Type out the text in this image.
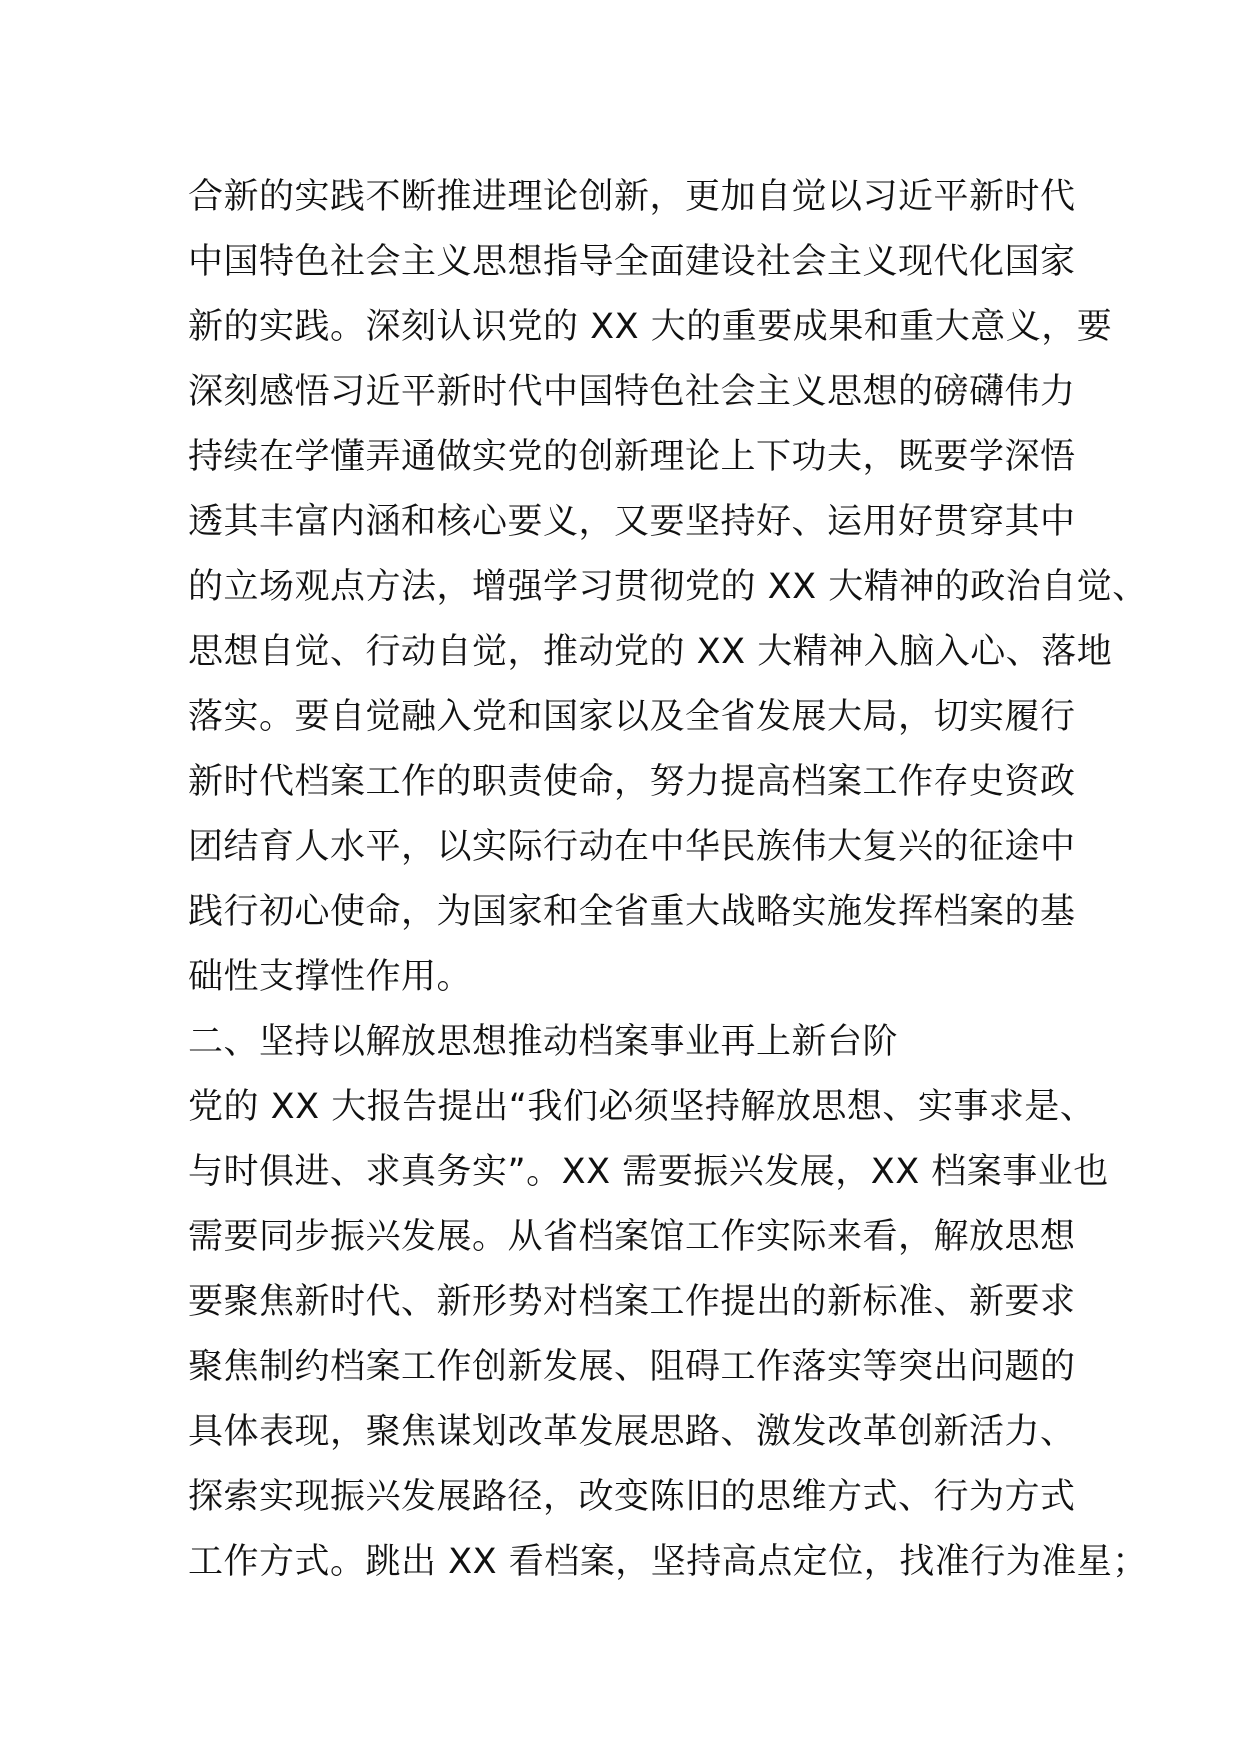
合新的实践不断推进理论创新，更加自觉以习近平新时代
中国特色社会主义思想指导全面建设社会主义现代化国家
新的实践。深刻认识党的 XX 大的重要成果和重大意义，要
深刻感悟习近平新时代中国特色社会主义思想的磅礴伟力
持续在学懂弄通做实党的创新理论上下功夫，既要学深悟
透其丰富内涵和核心要义，又要坚持好、运用好贯穿其中
的立场观点方法，增强学习贯彻党的 XX 大精神的政治自觉、
思想自觉、行动自觉，推动党的 XX 大精神入脑入心、落地
落实。要自觉融入党和国家以及全省发展大局，切实履行
新时代档案工作的职责使命，努力提高档案工作存史资政
团结育人水平，以实际行动在中华民族伟大复兴的征途中
践行初心使命，为国家和全省重大战略实施发挥档案的基
础性支撑性作用。
二、坚持以解放思想推动档案事业再上新台阶
党的 XX 大报告提出“我们必须坚持解放思想、实事求是、
与时俱进、求真务实”。XX 需要振兴发展，XX 档案事业也
需要同步振兴发展。从省档案馆工作实际来看，解放思想
要聚焦新时代、新形势对档案工作提出的新标准、新要求
聚焦制约档案工作创新发展、阻碍工作落实等突出问题的
具体表现，聚焦谋划改革发展思路、激发改革创新活力、
探索实现振兴发展路径，改变陈旧的思维方式、行为方式
工作方式。跳出 XX 看档案，坚持高点定位，找准行为准星；
